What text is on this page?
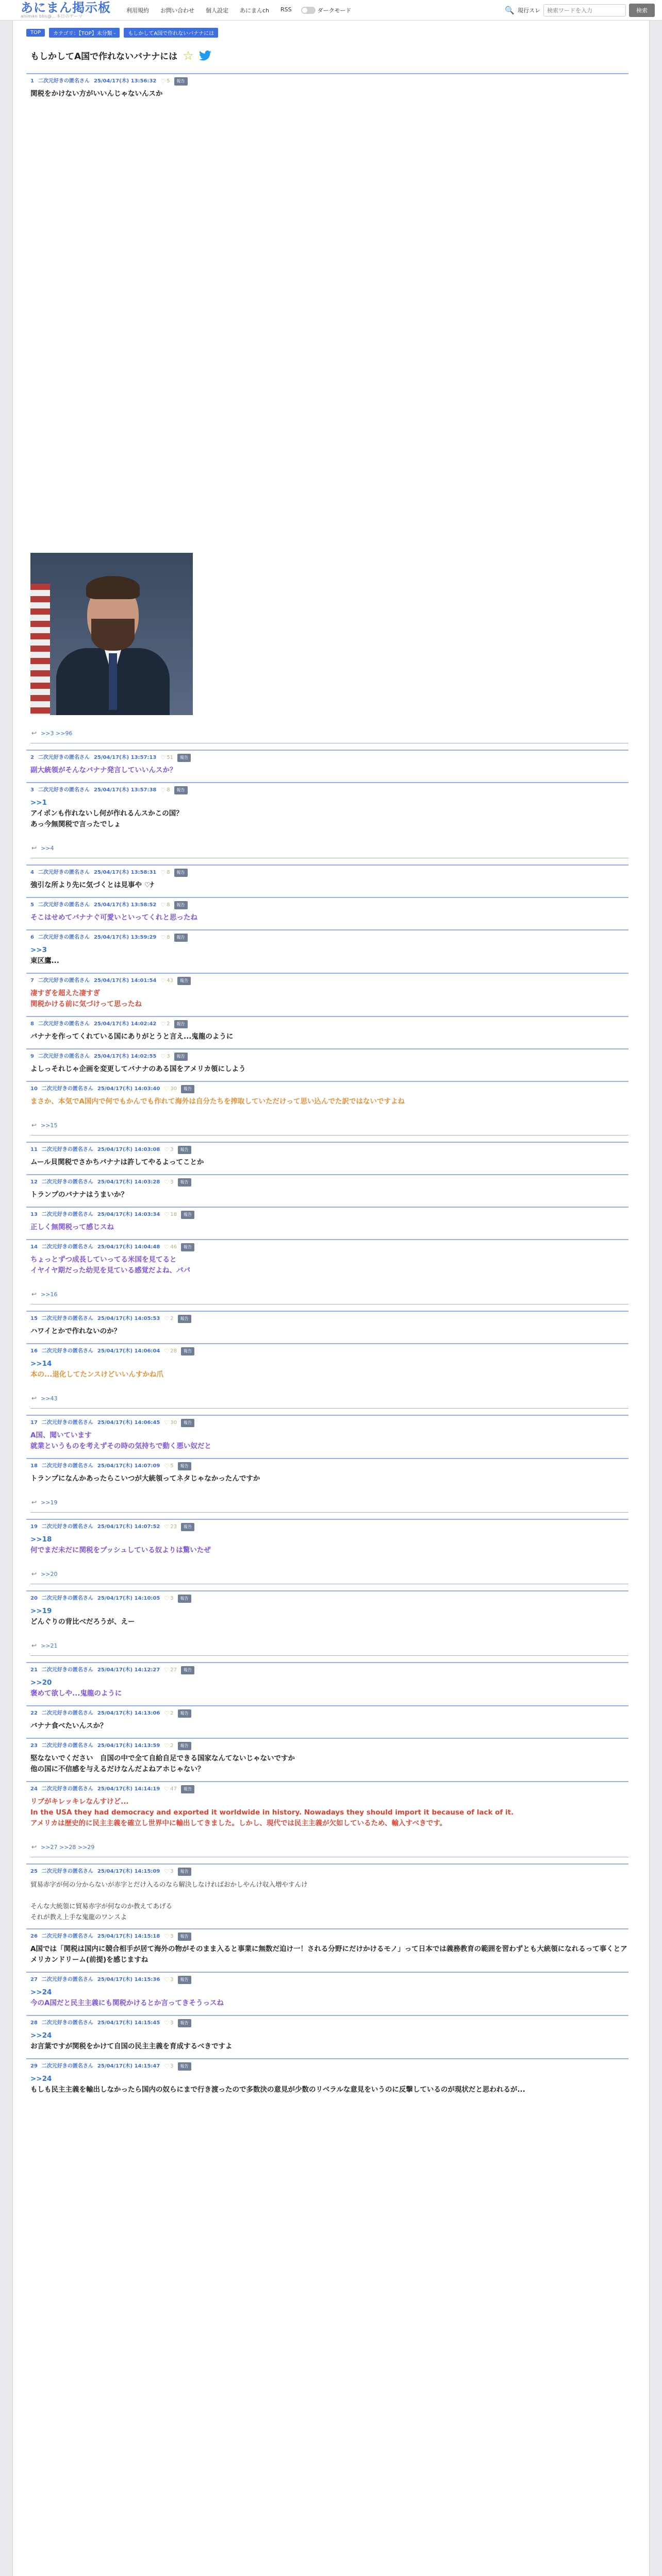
あにまん掲示板
animan bbs@...本日のテーマ
利用規約 お問い合わせ 個人設定 あにまんch RSS	ダークモード	🔍 現行スレ
検索ワードを入力	検索
TOP	カテゴリ：【TOP】未分類 -	もしかしてA国で作れないバナナには
もしかしてA国で作れないバナナには ☆
1 二次元好きの匿名さん 25/04/17(木) 13:56:32 ♡ 5	報告
関税をかけない方がいいんじゃないんスか
↩ >>3 >>96
2 二次元好きの匿名さん 25/04/17(木) 13:57:13 ♡ 51	報告
副大統領がそんなバナナ発言していいんスか？
3 二次元好きの匿名さん 25/04/17(木) 13:57:38 ♡ 8	報告
>>1
アイポンも作れないし何が作れるんスかこの国？
あっ今無関税で言ったでしょ
↩ >>4
4 二次元好きの匿名さん 25/04/17(木) 13:58:31 ♡ 8	報告
強引な所より先に気づくとは見事や ♡ﾅ
5 二次元好きの匿名さん 25/04/17(木) 13:58:52 ♡ 8	報告
そこはせめてバナナぐ可愛いといってくれと思ったね
6 二次元好きの匿名さん 25/04/17(木) 13:59:29 ♡ 8	報告
>>3
東区鷹...
7 二次元好きの匿名さん 25/04/17(木) 14:01:54 ♡ 43	報告
凄すぎを超えた凄すぎ
関税かける前に気づけって思ったね
8 二次元好きの匿名さん 25/04/17(木) 14:02:42 ♡ 2	報告
バナナを作ってくれている国にありがとうと言え...鬼龍のように
9 二次元好きの匿名さん 25/04/17(木) 14:02:55 ♡ 3	報告
よしっそれじゃ企画を変更してバナナのある国をアメリカ領にしよう
10 二次元好きの匿名さん 25/04/17(木) 14:03:40 ♡ 30	報告
まさか、本気でA国内で何でもかんでも作れて海外は自分たちを搾取していただけって思い込んでた訳ではないですよね
↩ >>15
11 二次元好きの匿名さん 25/04/17(木) 14:03:08 ♡ 3	報告
ムール貝関税でさかちバナナは許してやるよってことか
12 二次元好きの匿名さん 25/04/17(木) 14:03:28 ♡ 3	報告
トランプのバナナはうまいか？
13 二次元好きの匿名さん 25/04/17(木) 14:03:34 ♡ 18	報告
正しく無関税って感じスね
14 二次元好きの匿名さん 25/04/17(木) 14:04:48 ♡ 46	報告
ちょっとずつ成長していってる米国を見てると
イヤイヤ期だった幼児を見ている感覚だよね、パパ
↩ >>16
15 二次元好きの匿名さん 25/04/17(木) 14:05:53 ♡ 2	報告
ハワイとかで作れないのか？
16 二次元好きの匿名さん 25/04/17(木) 14:06:04 ♡ 28	報告
>>14
本の...退化してたンスけどいいんすかね爪
↩ >>43
17 二次元好きの匿名さん 25/04/17(木) 14:06:45 ♡ 30	報告
A国、聞いています
就業というものを考えずその時の気持ちで動く悪い奴だと
18 二次元好きの匿名さん 25/04/17(木) 14:07:09 ♡ 5	報告
トランプになんかあったらこいつが大統領ってネタじゃなかったんですか
↩ >>19
19 二次元好きの匿名さん 25/04/17(木) 14:07:52 ♡ 23	報告
>>18
何でまだ未だに関税をプッシュしている奴よりは驚いたぜ
↩ >>20
20 二次元好きの匿名さん 25/04/17(木) 14:10:05 ♡ 3	報告
>>19
どんぐりの背比べだろうが、えー
↩ >>21
21 二次元好きの匿名さん 25/04/17(木) 14:12:27 ♡ 27	報告
>>20
褒めて欲しや...鬼龍のように
22 二次元好きの匿名さん 25/04/17(木) 14:13:06 ♡ 2	報告
バナナ食べたいんスか？
23 二次元好きの匿名さん 25/04/17(木) 14:13:59 ♡ 2	報告
堅なないでください　自国の中で全て自給自足できる国家なんてないじゃないですか
他の国に不信感を与えるだけなんだよねアホじゃない？
24 二次元好きの匿名さん 25/04/17(木) 14:14:19 ♡ 47	報告
リブがキレッキレなんすけど...
In the USA they had democracy and exported it worldwide in history. Nowadays they should import it because of lack of it.
アメリカは歴史的に民主主義を確立し世界中に輸出してきました。しかし、現代では民主主義が欠如しているため、輸入すべきです。
↩ >>27 >>28 >>29
25 二次元好きの匿名さん 25/04/17(木) 14:15:09 ♡ 3	報告
貿易赤字が何の分からないが赤字とだけ入るのなら解決しなければおかしやんけ収入増やすんけ

そんな大統領に貿易赤字が何なのか教えてあげる
それが教え上手な鬼龍のワンスよ
26 二次元好きの匿名さん 25/04/17(木) 14:15:18 ♡ 3	報告
A国では「関税は国内に競合相手が居て海外の物がそのまま入ると事業に無数だ迫け一！される分野にだけかけるモノ」って日本では義務教育の範囲を習わずとも大統領になれるって事くとアメリカンドリーム(前提)を感じますね
27 二次元好きの匿名さん 25/04/17(木) 14:15:36 ♡ 3	報告
>>24
今のA国だと民主主義にも関税かけるとか言ってきそうっスね
28 二次元好きの匿名さん 25/04/17(木) 14:15:45 ♡ 3	報告
>>24
お言葉ですが関税をかけて自国の民主主義を育成するべきですよ
29 二次元好きの匿名さん 25/04/17(木) 14:15:47 ♡ 3	報告
>>24
もしも民主主義を輸出しなかったら国内の奴らにまで行き渡ったので多数決の意見が少数のリベラルな意見をいうのに反撃しているのが現状だと思われるが...
